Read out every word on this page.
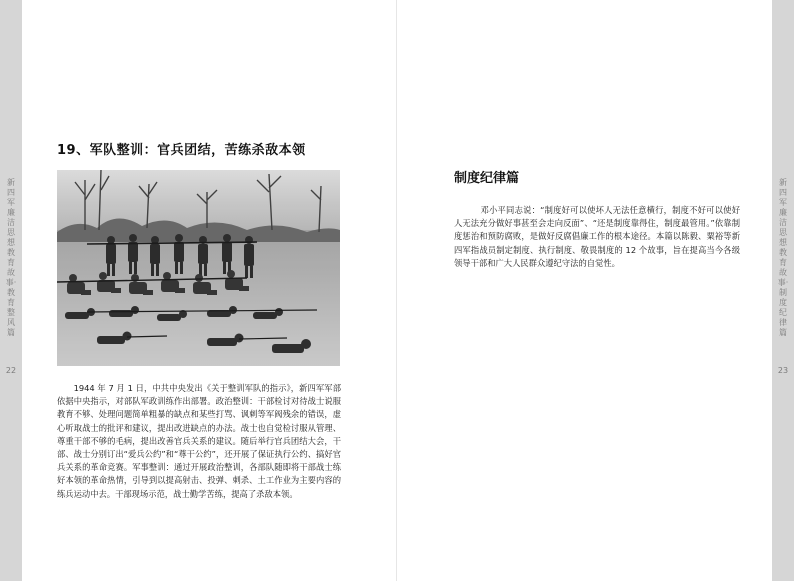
新四军廉洁思想教育故事·教育整风篇
22
新四军廉洁思想教育故事·制度纪律篇
23
19、军队整训：官兵团结，苦练杀敌本领

1944 年 7 月 1 日，中共中央发出《关于整训军队的指示》，新四军军部依据中央指示，对部队军政训练作出部署。政治整训：干部检讨对待战士说服教育不够、处理问题简单粗暴的缺点和某些打骂、讽刺等军阀残余的错误，虚心听取战士的批评和建议，提出改进缺点的办法。战士也自觉检讨服从管理、尊重干部不够的毛病，提出改善官兵关系的建议。随后举行官兵团结大会，干部、战士分别订出“爱兵公约”和“尊干公约”，还开展了保证执行公约、搞好官兵关系的革命竞赛。军事整训：通过开展政治整训，各部队随即将干部战士练好本领的革命热情，引导到以提高射击、投弹、刺杀、土工作业为主要内容的练兵运动中去。干部现场示范，战士勤学苦练，提高了杀敌本领。

制度纪律篇

邓小平同志说：“制度好可以使坏人无法任意横行，制度不好可以使好人无法充分做好事甚至会走向反面”、“还是制度靠得住，制度最管用。”依靠制度惩治和预防腐败，是做好反腐倡廉工作的根本途径。本篇以陈毅、粟裕等新四军指战员制定制度、执行制度、敬畏制度的 12 个故事，旨在提高当今各级领导干部和广大人民群众遵纪守法的自觉性。
